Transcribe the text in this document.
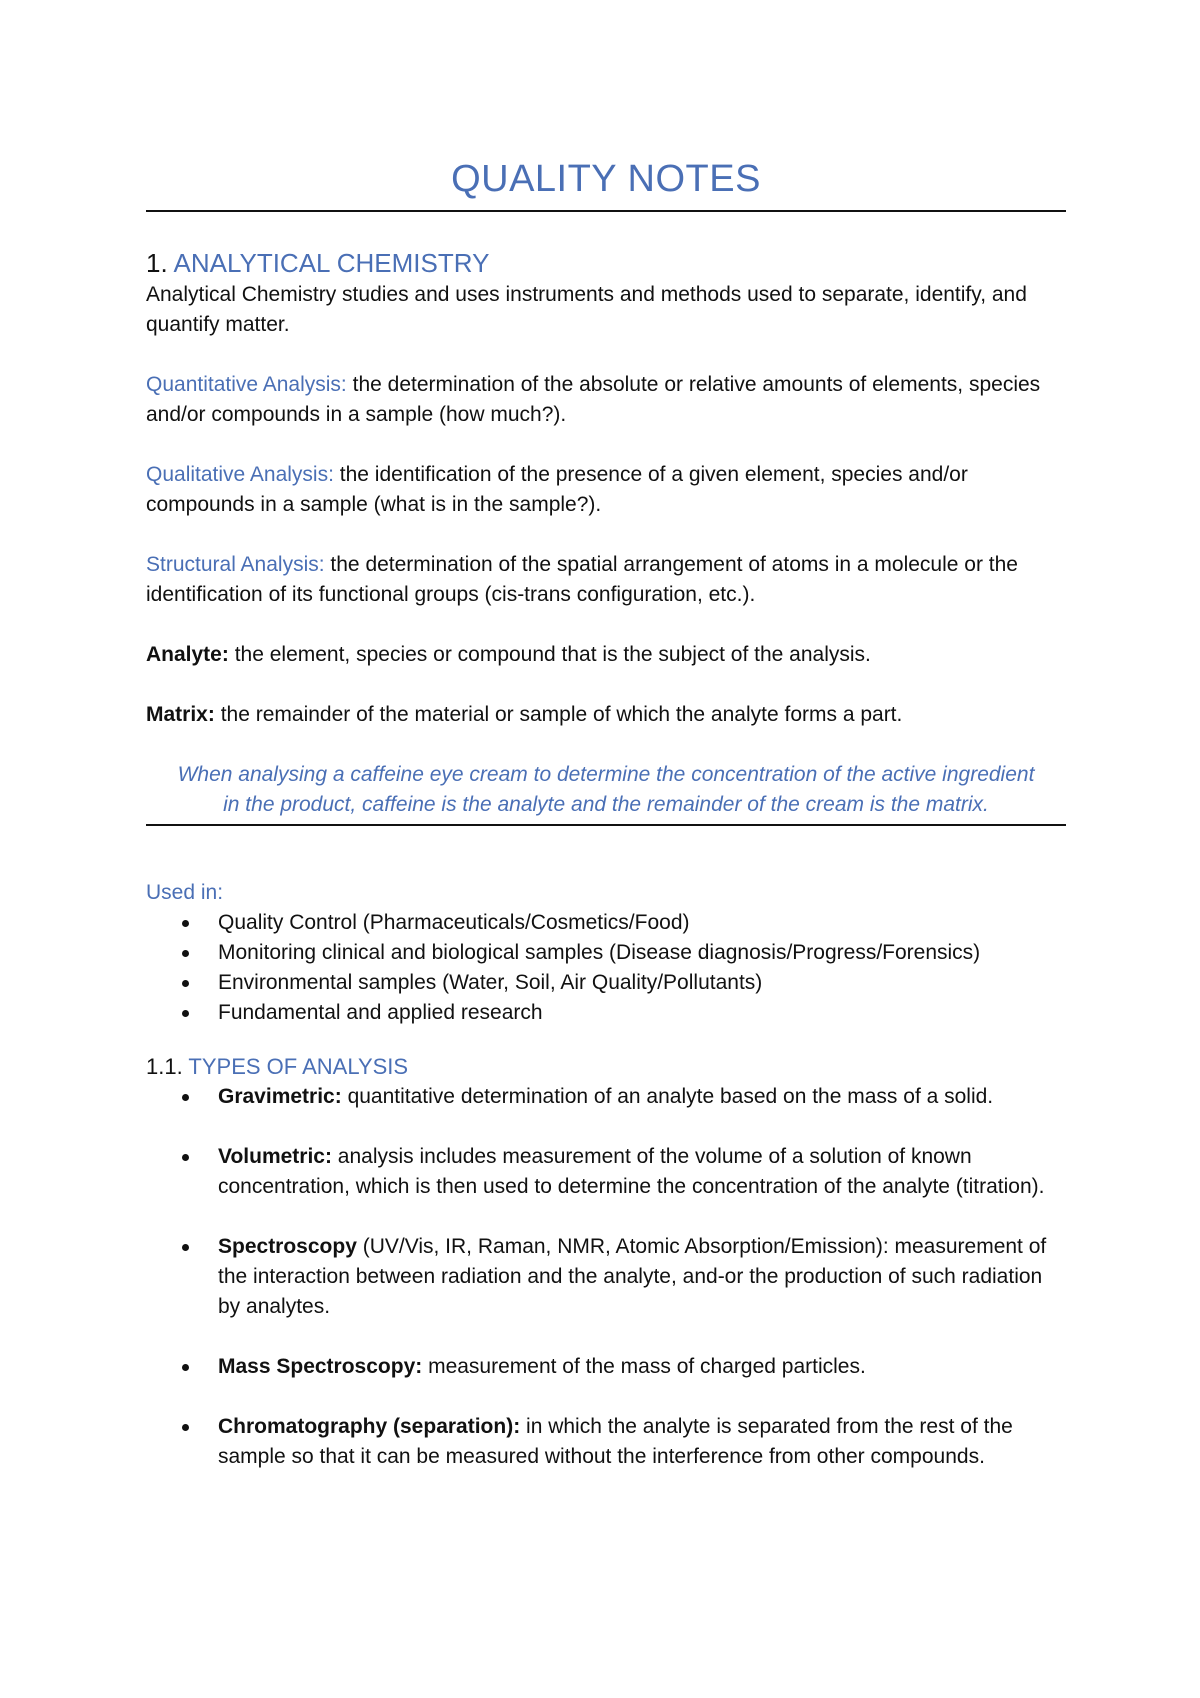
QUALITY NOTES
1. ANALYTICAL CHEMISTRY

Analytical Chemistry studies and uses instruments and methods used to separate, identify, and quantify matter.

Quantitative Analysis: the determination of the absolute or relative amounts of elements, species and/or compounds in a sample (how much?).

Qualitative Analysis: the identification of the presence of a given element, species and/or compounds in a sample (what is in the sample?).

Structural Analysis: the determination of the spatial arrangement of atoms in a molecule or the identification of its functional groups (cis-trans configuration, etc.).

Analyte: the element, species or compound that is the subject of the analysis.

Matrix: the remainder of the material or sample of which the analyte forms a part.

When analysing a caffeine eye cream to determine the concentration of the active ingredient
in the product, caffeine is the analyte and the remainder of the cream is the matrix.
Used in:
Quality Control (Pharmaceuticals/Cosmetics/Food)
Monitoring clinical and biological samples (Disease diagnosis/Progress/Forensics)
Environmental samples (Water, Soil, Air Quality/Pollutants)
Fundamental and applied research
1.1. TYPES OF ANALYSIS
Gravimetric: quantitative determination of an analyte based on the mass of a solid.
Volumetric: analysis includes measurement of the volume of a solution of known concentration, which is then used to determine the concentration of the analyte (titration).
Spectroscopy (UV/Vis, IR, Raman, NMR, Atomic Absorption/Emission): measurement of the interaction between radiation and the analyte, and-or the production of such radiation by analytes.
Mass Spectroscopy: measurement of the mass of charged particles.
Chromatography (separation): in which the analyte is separated from the rest of the sample so that it can be measured without the interference from other compounds.
